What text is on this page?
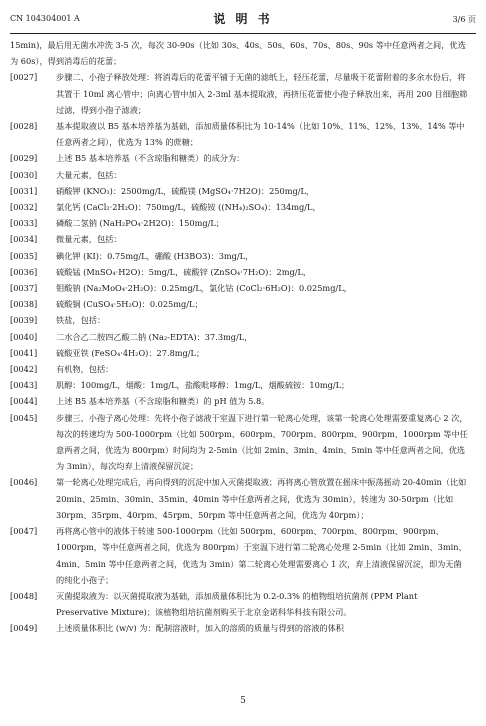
CN 104304001 A	说 明 书	3/6 页

15min)，最后用无菌水冲洗 3-5 次，每次 30-90s（比如 30s、40s、50s、60s、70s、80s、90s 等中任意两者之间，优选为 60s），得到消毒后的花蕾；

[0027] 步骤二、小孢子释放处理：将消毒后的花蕾平铺于无菌的滤纸上，轻压花蕾，尽量吸干花蕾附着的多余水份后，将其置于 10ml 离心管中；向离心管中加入 2-3ml 基本提取液，再挤压花蕾使小孢子释放出来，再用 200 目细胞筛过滤，得到小孢子滤液；

[0028] 基本提取液以 B5 基本培养基为基础，添加质量体积比为 10-14%（比如 10%、11%、12%、13%、14% 等中任意两者之间），优选为 13% 的蔗糖；

[0029] 上述 B5 基本培养基（不含琼脂和糖类）的成分为：

[0030] 大量元素，包括：

[0031] 硝酸钾 (KNO₃)：2500mg/L，硫酸镁 (MgSO₄·7H2O)：250mg/L，

[0032] 氯化钙 (CaCl₂·2H₂O)：750mg/L，硫酸铵 ((NH₄)₂SO₄)：134mg/L，

[0033] 磷酸二氢钠 (NaH₂PO₄·2H2O)：150mg/L；

[0034] 微量元素，包括：

[0035] 碘化钾 (KI)：0.75mg/L，硼酸 (H3BO3)：3mg/L，

[0036] 硫酸锰 (MnSO₄·H2O)：5mg/L，硫酸锌 (ZnSO₄·7H₂O)：2mg/L，

[0037] 钼酸钠 (Na₂MoO₄·2H₂O)：0.25mg/L，氯化钴 (CoCl₂·6H₂O)：0.025mg/L，

[0038] 硫酸铜 (CuSO₄·5H₂O)：0.025mg/L；

[0039] 铁盐，包括：

[0040] 二水合乙二胺四乙酸二钠 (Na₂-EDTA)：37.3mg/L，

[0041] 硫酸亚铁 (FeSO₄·4H₂O)：27.8mg/L；

[0042] 有机物，包括：

[0043] 肌醇：100mg/L，烟酸：1mg/L，盐酸吡哆醇：1mg/L，烟酸硫铵：10mg/L；

[0044] 上述 B5 基本培养基（不含琼脂和糖类）的 pH 值为 5.8。

[0045] 步骤三、小孢子离心处理：先将小孢子滤液于室温下进行第一轮离心处理，该第一轮离心处理需要重复离心 2 次，每次的转速均为 500-1000rpm（比如 500rpm、600rpm、700rpm、800rpm、900rpm、1000rpm 等中任意两者之间，优选为 800rpm）时间均为 2-5min（比如 2min、3min、4min、5min 等中任意两者之间，优选为 3min），每次均弃上清液保留沉淀；

[0046] 第一轮离心处理完成后，再向得到的沉淀中加入灭菌提取液；再将离心管放置在摇床中振荡摇动 20-40min（比如 20min、25min、30min、35min、40min 等中任意两者之间，优选为 30min），转速为 30-50rpm（比如 30rpm、35rpm、40rpm、45rpm、50rpm 等中任意两者之间，优选为 40rpm）；

[0047] 再将离心管中的液体于转速 500-1000rpm（比如 500rpm、600rpm、700rpm、800rpm、900rpm、1000rpm，等中任意两者之间，优选为 800rpm）于室温下进行第二轮离心处理 2-5min（比如 2min、3min、4min、5min 等中任意两者之间，优选为 3min）第二轮离心处理需要离心 1 次，弃上清液保留沉淀，即为无菌的纯化小孢子；

[0048] 灭菌提取液为：以灭菌提取液为基础，添加质量体积比为 0.2-0.3% 的植物组培抗菌剂 (PPM Plant Preservative Mixture)；该植物组培抗菌剂购买于北京金诺科华科技有限公司。

[0049] 上述质量体积比 (w/v) 为：配制溶液时，加入的溶质的质量与得到的溶液的体积

5
